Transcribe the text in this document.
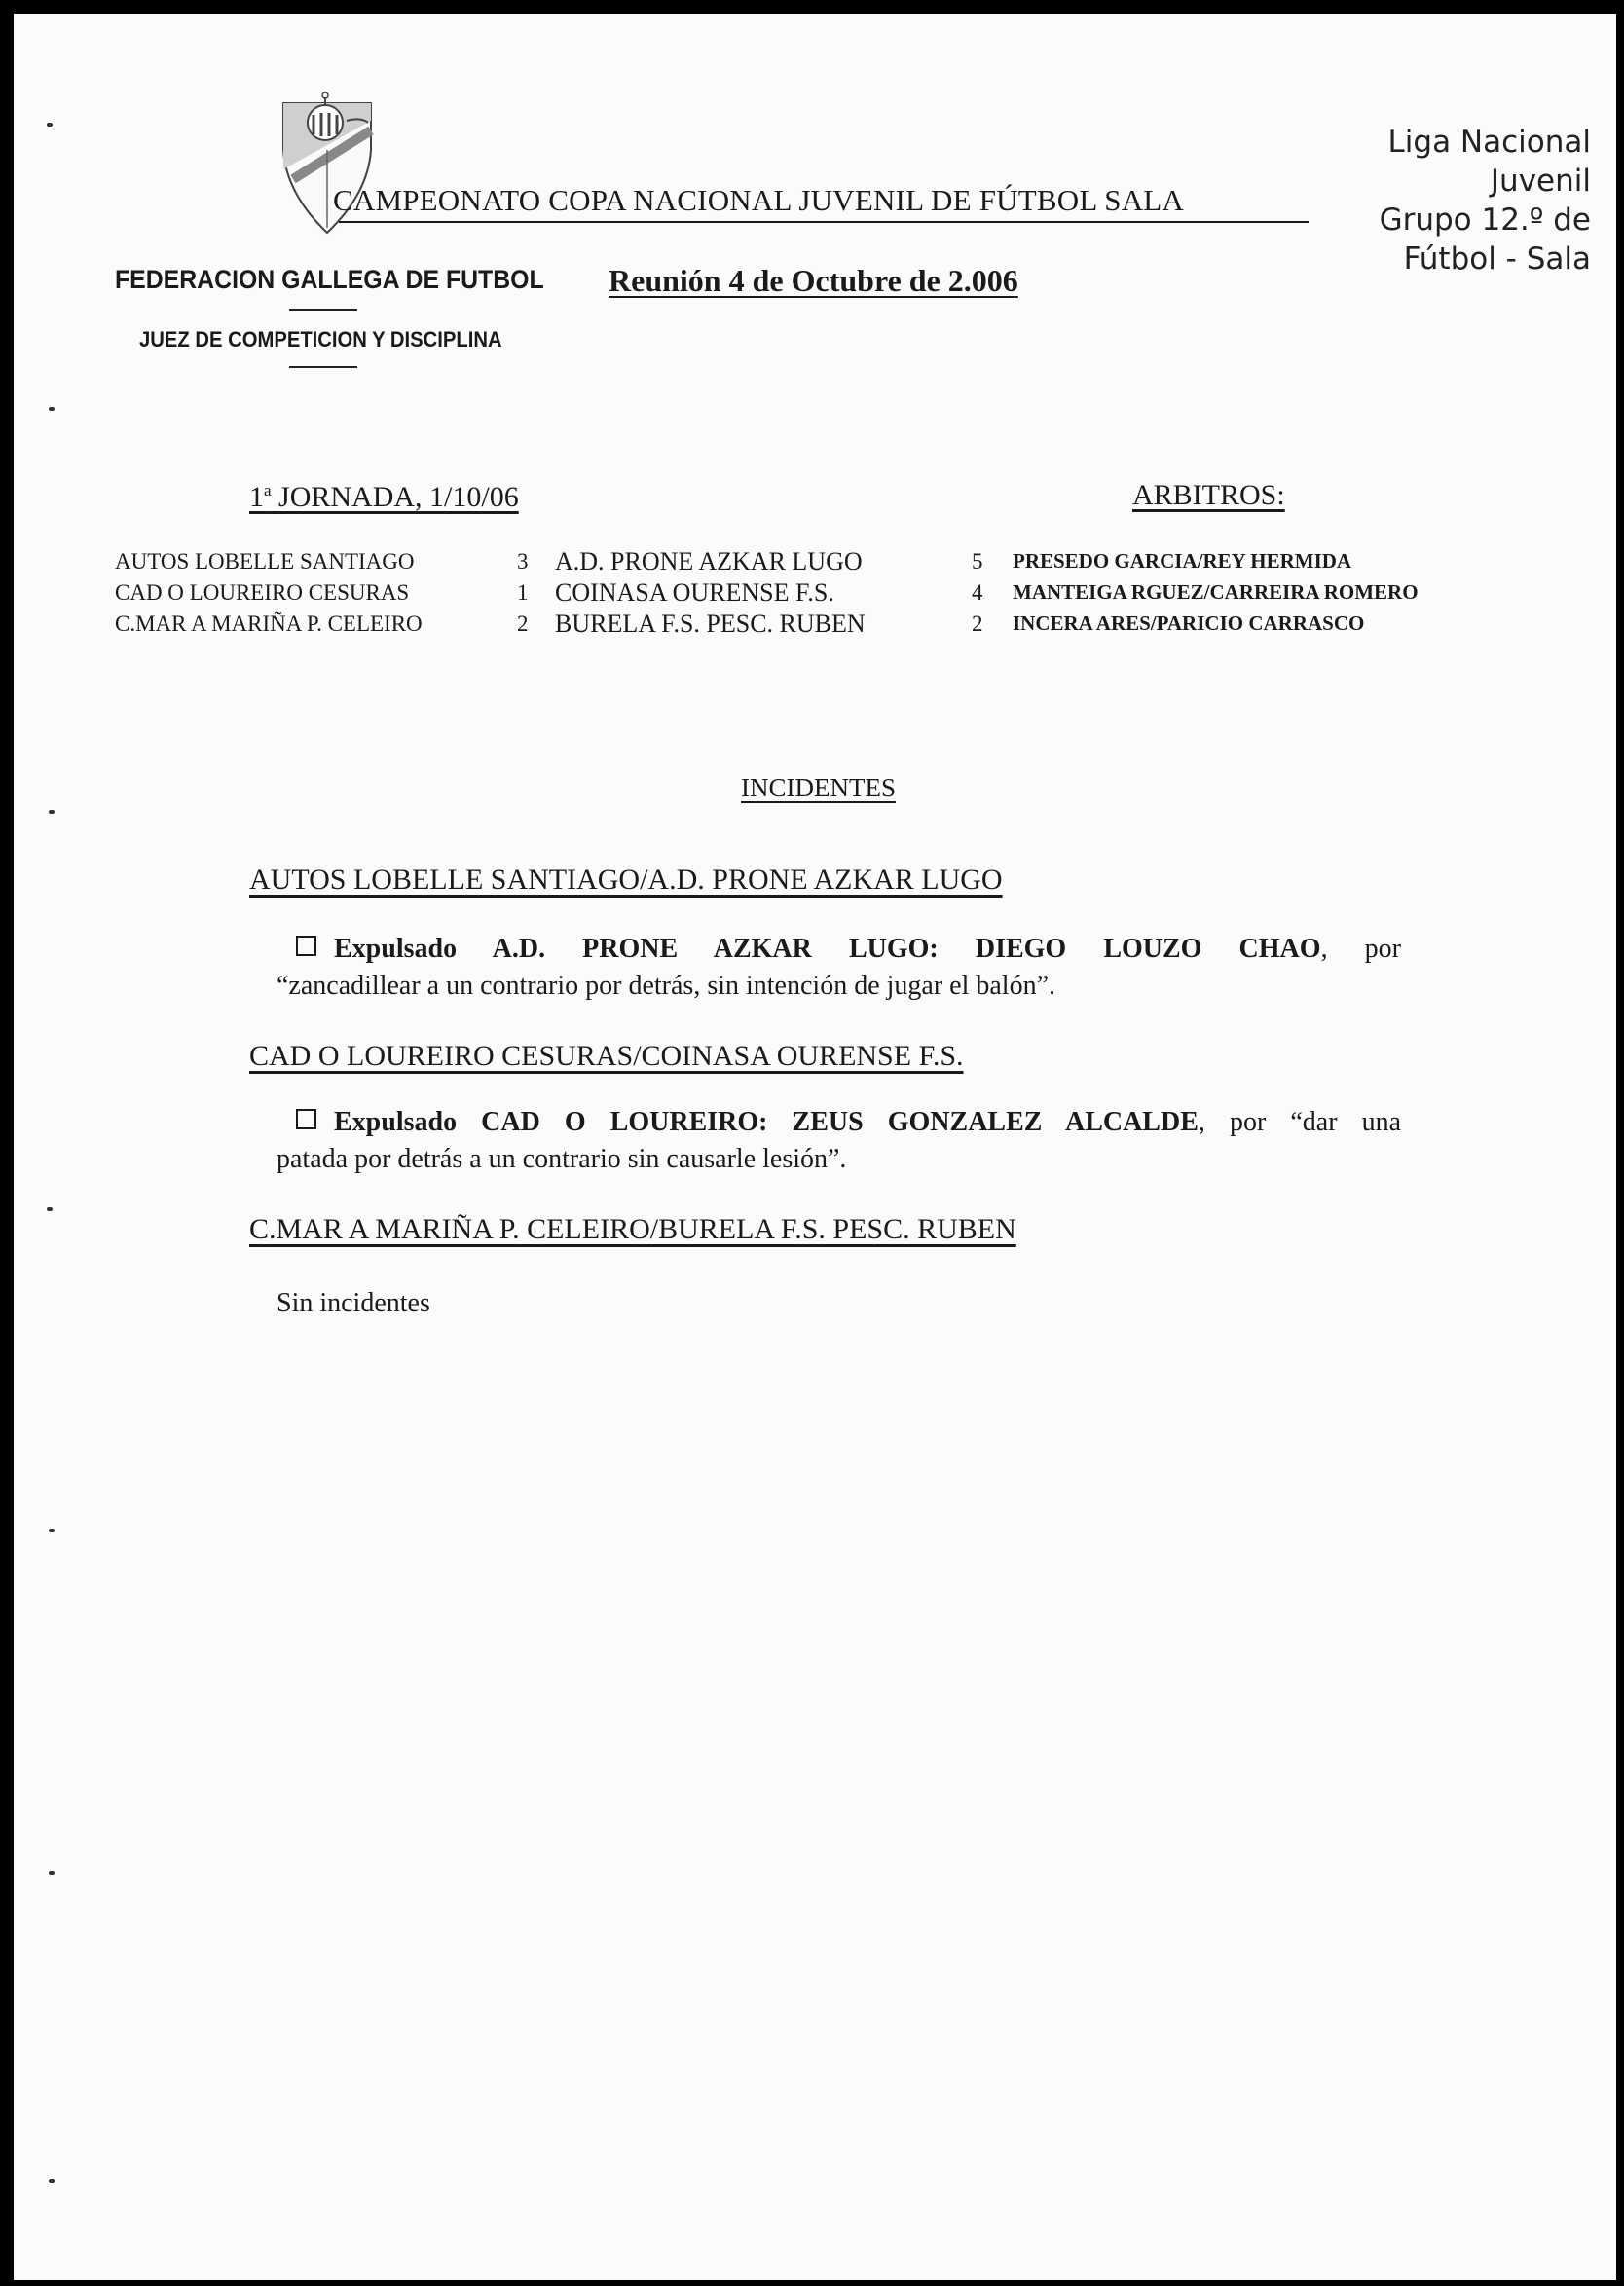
CAMPEONATO COPA NACIONAL JUVENIL DE FÚTBOL SALA
Liga Nacional Juvenil
Grupo 12.º de
Fútbol - Sala
FEDERACION GALLEGA DE FUTBOL
JUEZ DE COMPETICION Y DISCIPLINA
Reunión 4 de Octubre de 2.006
1$^a$ JORNADA, 1/10/06	ARBITROS:
AUTOS LOBELLE SANTIAGO	3 A.D. PRONE AZKAR LUGO	5 PRESEDO GARCIA/REY HERMIDA
CAD O LOUREIRO CESURAS	1 COINASA OURENSE F.S.	4 MANTEIGA RGUEZ/CARREIRA ROMERO
C.MAR A MARIÑA P. CELEIRO	2 BURELA F.S. PESC. RUBEN	2 INCERA ARES/PARICIO CARRASCO
INCIDENTES
AUTOS LOBELLE SANTIAGO/A.D. PRONE AZKAR LUGO
Expulsado A.D. PRONE AZKAR LUGO: DIEGO LOUZO CHAO, por
“zancadillear a un contrario por detrás, sin intención de jugar el balón”.
CAD O LOUREIRO CESURAS/COINASA OURENSE F.S.
Expulsado CAD O LOUREIRO: ZEUS GONZALEZ ALCALDE, por “dar una
patada por detrás a un contrario sin causarle lesión”.
C.MAR A MARIÑA P. CELEIRO/BURELA F.S. PESC. RUBEN
Sin incidentes
